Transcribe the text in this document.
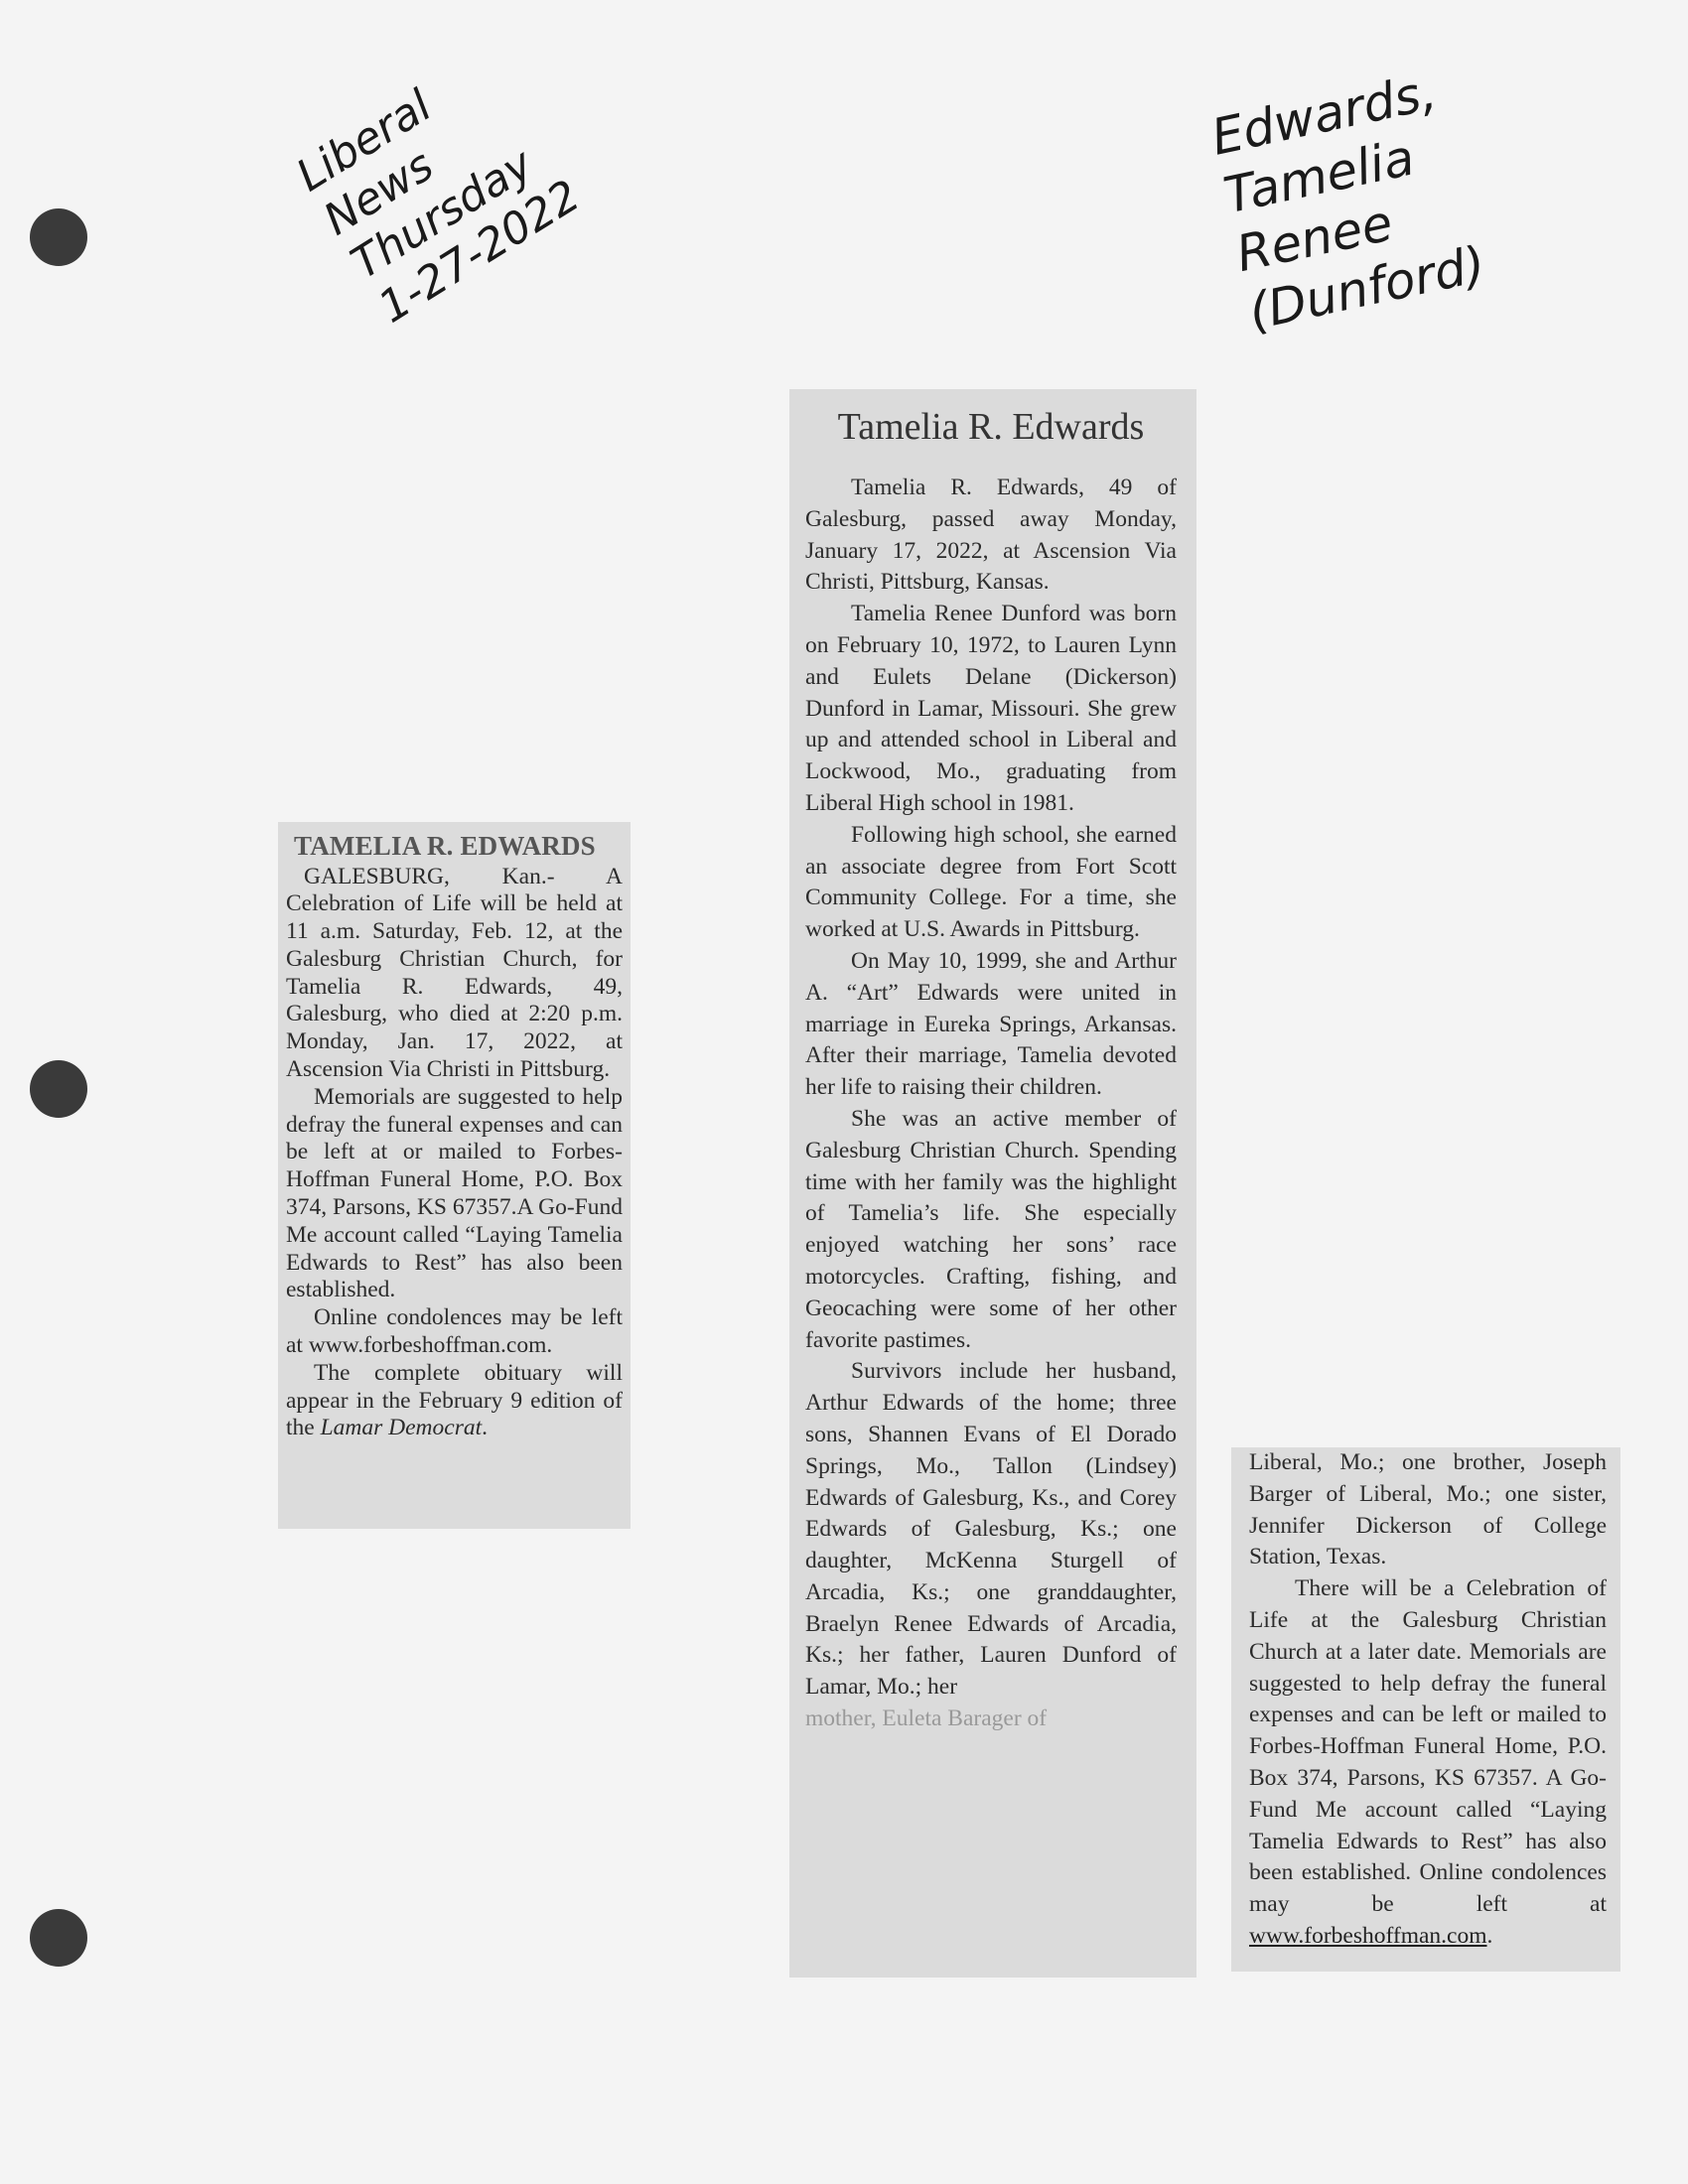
Liberal
News
Thursday
1-27-2022
Edwards,
Tamelia
Renee
(Dunford)
TAMELIA R. EDWARDS

GALESBURG, Kan.- A Celebration of Life will be held at 11 a.m. Saturday, Feb. 12, at the Galesburg Christian Church, for Tamelia R. Edwards, 49, Galesburg, who died at 2:20 p.m. Monday, Jan. 17, 2022, at Ascension Via Christi in Pittsburg.

Memorials are suggested to help defray the funeral expenses and can be left at or mailed to Forbes-Hoffman Funeral Home, P.O. Box 374, Parsons, KS 67357.A Go-Fund Me account called “Laying Tamelia Edwards to Rest” has also been established.

Online condolences may be left at www.forbeshoffman.com.

The complete obituary will appear in the February 9 edition of the Lamar Democrat.

Tamelia R. Edwards

Tamelia R. Edwards, 49 of Galesburg, passed away Monday, January 17, 2022, at Ascension Via Christi, Pittsburg, Kansas.

Tamelia Renee Dunford was born on February 10, 1972, to Lauren Lynn and Eulets Delane (Dickerson) Dunford in Lamar, Missouri. She grew up and attended school in Liberal and Lockwood, Mo., graduating from Liberal High school in 1981.

Following high school, she earned an associate degree from Fort Scott Community College. For a time, she worked at U.S. Awards in Pittsburg.

On May 10, 1999, she and Arthur A. “Art” Edwards were united in marriage in Eureka Springs, Arkansas. After their marriage, Tamelia devoted her life to raising their children.

She was an active member of Galesburg Christian Church. Spending time with her family was the highlight of Tamelia’s life. She especially enjoyed watching her sons’ race motorcycles. Crafting, fishing, and Geocaching were some of her other favorite pastimes.

Survivors include her husband, Arthur Edwards of the home; three sons, Shannen Evans of El Dorado Springs, Mo., Tallon (Lindsey) Edwards of Galesburg, Ks., and Corey Edwards of Galesburg, Ks.; one daughter, McKenna Sturgell of Arcadia, Ks.; one granddaughter, Braelyn Renee Edwards of Arcadia, Ks.; her father, Lauren Dunford of Lamar, Mo.; her

mother, Euleta Barager of

Liberal, Mo.; one brother, Joseph Barger of Liberal, Mo.; one sister, Jennifer Dickerson of College Station, Texas.

There will be a Celebration of Life at the Galesburg Christian Church at a later date. Memorials are suggested to help defray the funeral expenses and can be left or mailed to Forbes-Hoffman Funeral Home, P.O. Box 374, Parsons, KS 67357. A Go-Fund Me account called “Laying Tamelia Edwards to Rest” has also been established. Online condolences may be left at www.forbeshoffman.com.
